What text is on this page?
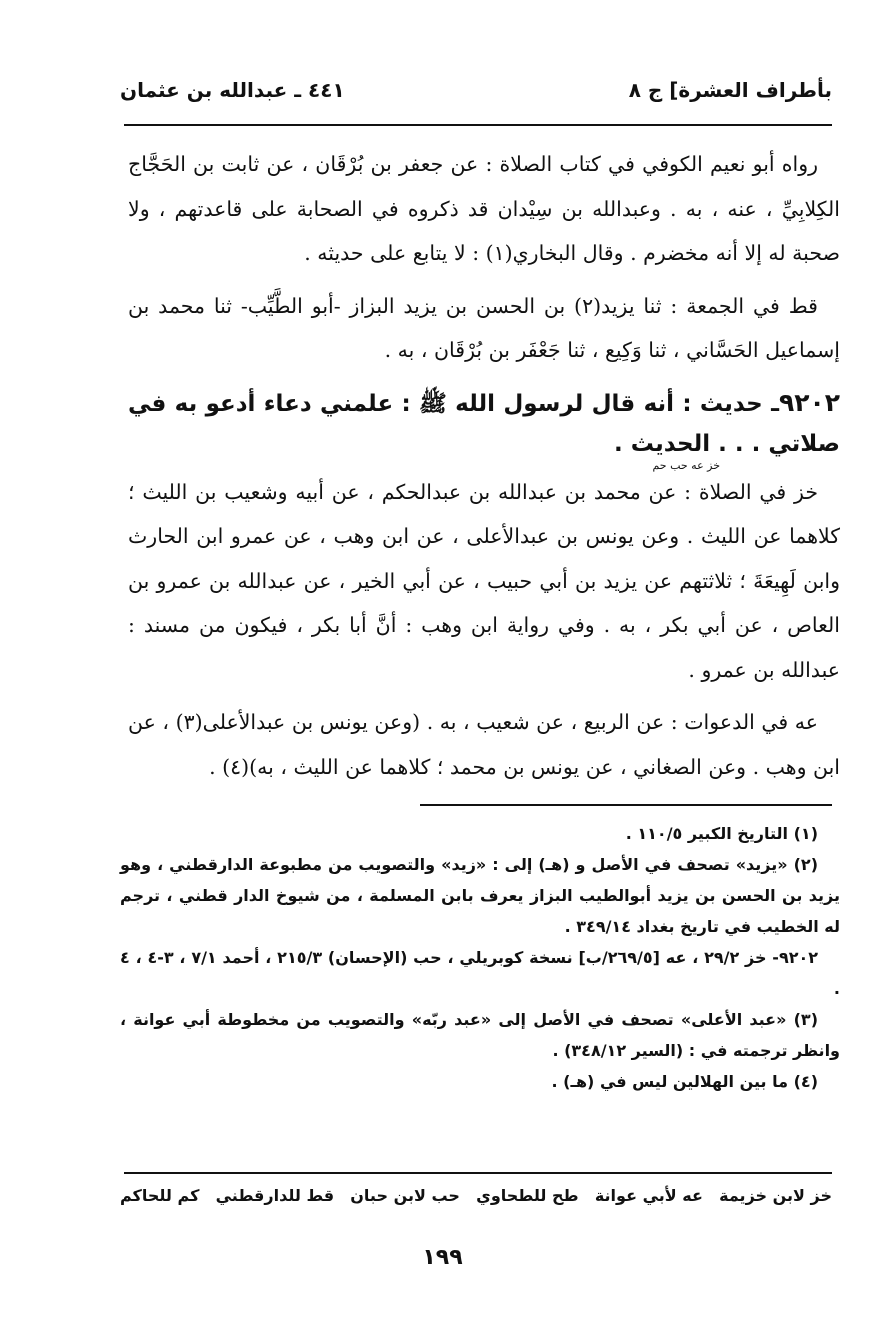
بأطراف العشرة] ج ٨
٤٤١ ـ عبدالله بن عثمان

رواه أبو نعيم الكوفي في كتاب الصلاة : عن جعفر بن بُرْقَان ، عن ثابت بن الحَجَّاج الكِلابِيِّ ، عنه ، به . وعبدالله بن سِيْدان قد ذكروه في الصحابة على قاعدتهم ، ولا صحبة له إلا أنه مخضرم . وقال البخاري(١) : لا يتابع على حديثه .

قط في الجمعة : ثنا يزيد(٢) بن الحسن بن يزيد البزاز -أبو الطَّيِّب- ثنا محمد بن إسماعيل الحَسَّاني ، ثنا وَكِيع ، ثنا جَعْفَر بن بُرْقَان ، به .

٩٢٠٢ـ حديث : أنه قال لرسول الله ﷺ : علمني دعاء أدعو به في صلاتي . . . الحديث .
خز عه حب حم

خز في الصلاة : عن محمد بن عبدالله بن عبدالحكم ، عن أبيه وشعيب بن الليث ؛ كلاهما عن الليث . وعن يونس بن عبدالأعلى ، عن ابن وهب ، عن عمرو ابن الحارث وابن لَهِيعَةَ ؛ ثلاثتهم عن يزيد بن أبي حبيب ، عن أبي الخير ، عن عبدالله بن عمرو بن العاص ، عن أبي بكر ، به . وفي رواية ابن وهب : أنَّ أبا بكر ، فيكون من مسند : عبدالله بن عمرو .

عه في الدعوات : عن الربيع ، عن شعيب ، به . (وعن يونس بن عبدالأعلى(٣) ، عن ابن وهب . وعن الصغاني ، عن يونس بن محمد ؛ كلاهما عن الليث ، به)(٤) .

(١) التاريخ الكبير ١١٠/٥ .

(٢) «يزيد» تصحف في الأصل و (هـ) إلى : «زيد» والتصويب من مطبوعة الدارقطني ، وهو يزيد بن الحسن بن يزيد أبوالطيب البزاز يعرف بابن المسلمة ، من شيوخ الدار قطني ، ترجم له الخطيب في تاريخ بغداد ٣٤٩/١٤ .

٩٢٠٢- خز ٢٩/٢ ، عه [٢٦٩/٥/ب] نسخة كوبريلي ، حب (الإحسان) ٢١٥/٣ ، أحمد ٧/١ ، ٣-٤ ، ٤ .

(٣) «عبد الأعلى» تصحف في الأصل إلى «عبد ربّه» والتصويب من مخطوطة أبي عوانة ، وانظر ترجمته في : (السير ٣٤٨/١٢) .

(٤) ما بين الهلالين ليس في (هـ) .

خز لابن خزيمة
عه لأبي عوانة
طح للطحاوي
حب لابن حبان
قط للدارقطني
كم للحاكم
١٩٩
